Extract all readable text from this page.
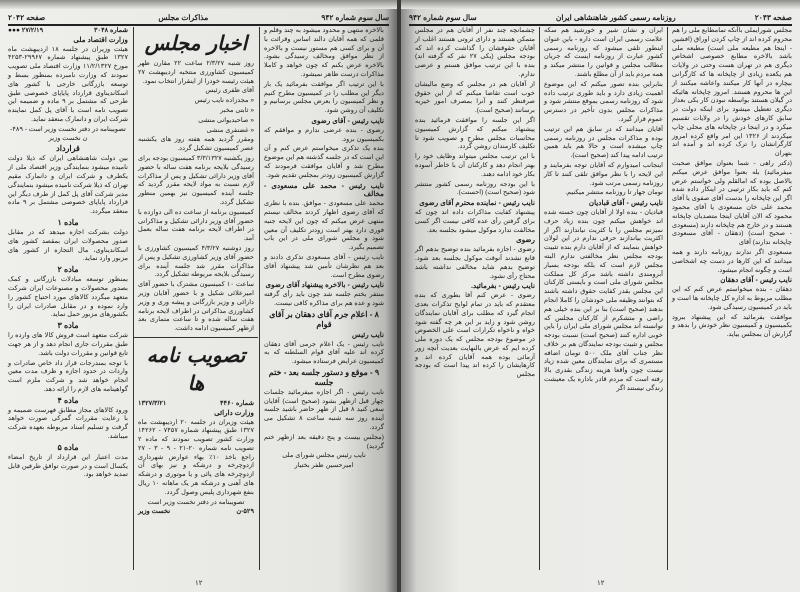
سال سوم شماره ۹۴۲
مذاکرات مجلس
صفحه ۲۰۴۲
شماره ۳۰۴۸
۲۷/۲/۱۹ ●●●
وزارت اقتصاد ملی
هیئت وزیران در جلسه ۱۸ اردیبهشت ماه ۱۳۲۷ طبق پیشنهاد شماره ۲۹۹۶۷-۴۲۵۳ مورخ ۱۱/۲/۱۳۲۷ وزارت اقتصاد ملی تصویب نمودند که وزارت نامبرده بمنظور بسط و توسعه بازرگانی خارجی با کشور های اسکاندیناوی قرارداد پایاپای خصوصی طبق طرحی که مشتمل بر ۹ ماده و ضمیمه این تصویب نامه است با آقای پل کمل نماینده شرکت ایران و دانمارک منعقد نماید.
تصویبنامه در دفتر نخست وزیر است - ۴۸۹-ن نخست وزیر
قرارداد
بین دولت شاهنشاهی ایران که ذیلا دولت نامیده میشود بنمایندگی وزیر اقتصاد ملی از یکطرف و شرکت ایران و دانمارک مقیم تهران که ذیلا شرکت نامیده میشود بنمایندگی مدیر شرکت آقای پل کمل از طرف دیگر این قرارداد پایاپای خصوصی مشتمل بر ۹ ماده منعقد میگردد.
ماده ۱
دولت بشرکت اجازه میدهد که در مقابل صدور محصولات ایران بمقصد کشور های اسکاندیناوی، مال التجاره از کشور های مزبور وارد نماید.
ماده ۲
بمنظور توسعه مبادلات بازرگانی و کمک بصدور محصولات و مصنوعات ایران شرکت متعهد میگردد کالاهای مورد احتیاج کشور را وارد نموده و در مقابل صادرات ایران را بکشورهای مزبور حمل نماید.
ماده ۳
شرکت متعهد است فروش کالا های وارده را طبق مقررات جاری انجام دهد و از هر جهت تابع قوانین و مقررات دولت باشد.
با توجه بمندرجات قرار داد خاص صادرات و واردات در حدود اجازه و ظرف مدت معین انجام خواهد شد و شرکت ملزم است گواهینامه های لازم را ارائه دهد.
ماده ۴
ورود کالاهای مجاز مطابق فهرست ضمیمه و با رعایت مقررات گمرکی صورت خواهد گرفت و تسلیم اسناد مربوطه بعهده شرکت میباشد.
ماده ۵
مدت اعتبار این قرارداد از تاریخ امضاء یکسال است و در صورت توافق طرفین قابل تمدید خواهد بود.
اخبار مجلس
روز شنبه ۲/۳/۲۷ ساعت ۲۲ مقارن ظهر کمیسیون کشاورزی منتخبه اردیبهشت ۲۷ هیئت رئیسه خودرا از اینقرار انتخاب نمود.
آقای ظفری رئیس
« مجدزاده نایب رئیس
« ثابتی مخبر
« صاحبدیوانی منشی
« غضنفری منشی
ومقرر گردید همه هفته روز های یکشنبه عصر کمیسیون تشکیل گردد.
روز یکشنبه ۳/۳/۱۳۲۷ کمیسیون بودجه برای رسیدگی بلایحه برنامه هفت ساله با حضور آقای وزیر دارائی تشکیل و پس از مذاکرات لازم نسبت به مواد لایحه مقرر گردید که جلسه آینده کمیسیون نیز بهمین منظور تشکیل گردد.
کمیسیون برنامه از ساعت ده الی دوازده با حضور آقای وزیر دارائی تشکیل و مذاکراتی در اطراف لایحه برنامه هفت ساله بعمل آمد.
روز دوشنبه ۴/۳/۲۷ کمیسیون کشاورزی با حضور آقای وزیر کشاورزی تشکیل و پس از مذاکرات مقرر شد جلسه آینده برای رسیدگی بلایحه مربوطه تشکیل گردد.
ساعت ۱۰ کمیسیون مشترک با حضور آقای امیرعلائی شکیل و با حضور آقایان وزیر دارائی و وزیر بازرگانی و پیشه وری و وزیر کشاورزی مذاکراتی در اطراف لایحه برنامه هفت ساله شده و تا ساعت متماری بعد ازظهر کمیسیون ادامه داشت.
تصویب نامه ها
شماره ۴۴۶۰
۱۳۲۷/۳/۲۱
وزارت دارائی
هیئت وزیران در جلسه ۲۰ اردیبهشت ماه ۱۳۲۷ طبق پیشنهاد شماره ۷۴۵۷ - ۱۴۲۶۲ وزارت کشور تصویب نمودند که ماده ۲ تصویب نامه شماره ۲۰-۲۱ - ۹ - ۳ - ۲۷ راجع باخذ ۱۰٪ بهاء عوارض شهرداری ازدوچرخه و درشکه و نیز بهای آن ازدوچرخه های پائی و یا موتوری و درشکه های آهنی و درشکه هر یک ماهانه ۱۰ ریال بنفع شهرداری پلیس وصول گردد.
تصویبنامه در دفتر نخست وزیر است
۵۲۹-ن
نخست وزیر
بالاخره منتهی و محدود میشود به چند وقلم و قلمی که همه آقایان دالند اساس وقرائت با آن و برای کسی هم مستور نیست و بالاخره از نظر موافق ومخالف رسیدگی بشود. بالاخره عرض بکنم که چون خواهد و کاملا مذاکرات درست ظاهر نمیشود.
با این ترتیب اگر موافقت بفرمائید یک بار دیگر این مطلب را در کمیسیون مطرح کنیم و نظر کمیسیون را بعرض مجلس برسانیم و تکلیف آن روشن شود.
نایب رئیس - آقای رضوی
رضوی - بنده عرضی ندارم و موافقم که بکمیسیون برود.
بنده یک تذکری میخواستم عرض کنم و آن این است که در جلسه گذشته هم این موضوع مطرح شد و آقایان موافقت فرمودند که گزارش کمیسیون زودتر بمجلس تقدیم شود.
نایب رئیس - محمد علی مسعودی - مخالف
محمد علی مسعودی - موافق. بنده با نظری که آقای رضوی اظهار کردند مخالف نیستم منتهی عرض میکنم که چون این لایحه جنبه فوری دارد بهتر است زودتر تکلیف آن معین شود و مجلس شورای ملی در این باب تصمیم بگیرد.
نایب رئیس - آقای مسعودی تذکری دادند و بعد هم نظرشان تأمین شد پیشنهاد آقای رضوی مطرح است.
نایب رئیس - بالاخره پیشنهاد آقای رضوی
منتفر بختم جلسه شد چون باید رأی گرفته شود و عده هم برای مذاکره کافی نیست.
۸ - اعلام جرم آقای دهقان بر آقای قوام
نایب رئیس
نایب رئیس - یک اعلام جرمی آقای دهقان کرده اند علیه آقای قوام السلطنه که به کمیسیون عرایض فرستاده میشود.
۹ - موقع و دستور جلسه بعد - ختم جلسه
نایب رئیس - اگر اجازه میفرمائید جلسات چهار قبل ازظهر بشود (صحیح است) آقایان سعی کنید ۸ قبل از ظهر حاضر باشید جلسه آینده روز سه شنبه ساعت ۸ تشکیل می گردد.
(مجلس بیست و پنج دقیقه بعد ازظهر ختم گردید)
نایب رئیس مجلس شورای ملی
امیرحسین ظفر بختیار
۱۲
صفحه ۲۰۴۳
روزنامه رسمی کشور شاهنشاهی ایران
سال سوم شماره ۹۴۲
چشمانچه چند نفر از آقایان هم در مجلس متمکن هستند و دارای ثروتی هستند اغلب از آقایان حقوقشان را گذاشت کرده اند که بودجه مجلس (یکی ۲۷ نفر که گرفته اند) بنده با این ترتیب موافق هستم و عرضی ندارم.
از آقایان هم در مجلس که وضع مالیشان خوب است تقاضا میکنم که از این حقوق صرفنظر کنند و آنرا بمصرف امور خیریه برسانند (صحیح است).
اگر این جلسه را موافقت فرمائید بنده پیشنهاد میکنم که گزارش کمیسیون محاسبات مجلس مطرح و تصویب شود تا تکلیف کارمندان روشن گردد.
با این ترتیب مجلس میتواند وظایف خود را بهتر انجام دهد و کارکنان آن با خاطر آسوده بکار خود ادامه دهند.
با این بودجه روزنامه رسمی کشور منتشر شود (صحیح است) (احسنت).
نایب رئیس - نماینده محترم آقای رضوی
پیشنهاد کفایت مذاکرات داده اند چون که برای گرفتن رأی عده کافی نیست اگر کسی مخالفت ندارد موکول میشود بجلسه بعد.
رضوی
رضوی - اجازه بفرمائید بنده توضیح بدهم اگر قانع نشدند آنوقت موکول بجلسه بعد شود. توضیح بدهم شاید مخالفی نداشته باشد محتاج رأی نشود.
نایب رئیس - بفرمائید.
رضوی - عرض کنم آقا بطوری که بنده معتقدم که باید در تمام لوایح تذکرات بعدی انجام گیرد که مطلب برای آقایان نمایندگان روشن شود و زاید بر این هر چه گفته شود خواه و ناخواه تکرارات است علی الخصوص در موضوع بودجه مجلس که یک دوره ملی کرده ایم که عرض بالنهایت بعدیت آنچه زور آزمائی بوده همه آقایان کرده اند و کارهایشان را کرده اند پیدا است که بودجه مجلس
ایران و نشان شیر و خورشید هم سکه علامت رسمی ایران است داره - باین عنوان اینطور تلقی میشود که روزنامه رسمی کشور عبارت از روزنامه ایست که جریان مطالب مجلس و قوانین را منتشر میکند و همه مردم باید از آن مطلع باشند.
بنابراین بنده تصور میکنم که این موضوع اهمیت زیادی دارد و باید طوری ترتیب داده شود که روزنامه رسمی بموقع منتشر شود و مذاکرات مجلس بدون تأخیر در دسترس عموم قرار گیرد.
آقایان میدانند که در سابق هم این ترتیب بوده و مذاکرات مجلس در روزنامه رسمی چاپ میشده است و حالا هم باید همین ترتیب ادامه پیدا کند (صحیح است).
اینجانب امیدوارم که آقایان توجه بفرمایند و این لایحه را با نظر موافق تلقی کنند تا کار روزنامه رسمی مرتب شود.
تومان جهار تا روزنامه منتشر میکنیم.
نایب رئیس - آقای قبادیان
قبادیان - بنده اولا از آقایان چون خسته شده اند خواهش میکنم چون بنده زیاد حرف نمیزنم مجلس را با کثریت نیاندازند اگر از اکثریت بیاندازند حرفی ندارم در این لولان خواهش بنمایند که از آقایان دارم بنده تثبیت بودجه مجلس نظر مخالفتی ندارم البته مجلس لازم است که بلکه بودجه بسیار آبرومندی داشته باشد مرکز کل مملکت مجلس شورای ملی است و بایستی کارکنان این مجلس بقدر کفایت حقوق داشته باشند که بتوانند وظیفه ملی خودشان را کاملا انجام بدهند (صحیح است) بنا بر این بنده خیلی هم راضی و متشکرم از کارکنان مجلس که توانسته اند مجلس شورای ملی ایران را باین خوبی اداره کنند (صحیح است) نسبت بودجه مجلس و تثبیت بودجه نمایندگان هم بر خلاف نظر جناب آقای ملک ۵۰۰ تومان اضافه مستمری که برای نمایندگان معین شده زیاد نیست چون واقعا هزینه زندگی بقدری بالا رفته است که مردم قادر باداره یک معیشت زندگی نیستند اگر
مجلس شورایملی باآنکه تمامطابع ملی را هم محروم کرده اند از چاپ کردن اوراق (افشین - اینجا هم مطبعه ملی است) مطبعه ملی باشد بالاخره مطابع خصوصی اشخاص دیگری هم در تهران هست وحتی در ولایات هم یکعده زیادی از چاپخانه ها که کارگرانی بیچاره در آنها کار میکنند واعاشه میکنند از این ها محروم هستند. امروز چاپخانه هائیکه در گیلان هستند بواسطه نبودن کار یکی بعداز دیگری تعطیل میشود برای اینکه دولت در سابق کارهای خودش را در ولایات تقسیم میکرد و در اینجا در چاپخانه های محلی چاپ میکردند از ۱۳۲۶ این امر واقع کرده امروز کارگرانشان را ترک کرده اند و آمده اند بتهران
(دکتر راهی - شما بعنوان موافق صحبت میفرمائید) بله بعنوا موافق عرض میکنم بالاصل بوده که امالقلم ولی خواستم عرض کنم که باید بکار ترتیبی در اینکار داده شده اگر این چاپخانه را بدست آقای صفوی یا آقای محمد علی خان مسعودی یا آقای محمود محمود که الان آقایان اینجا متصدیان چاپخانه هستند و در خارج هم چاپخانه دارند (مسعودی - صحیح است) (دهقان - آقای مسعودی چاپخانه ندارند) آقای
مسعودی اگر ندارند روزنامه دارند و همه میدانند که این کارها در دست چه اشخاصی است و چگونه انجام میشود.
نایب رئیس - آقای دهقان
دهقان - بنده میخواستم عرض کنم که این مطلب مربوط به اداره کل چاپخانه ها است و باید در کمیسیون رسیدگی شود.
موافقت بفرمائید که این پیشنهاد ببرود بکمیسیون و کمیسیون نظر خودش را بدهد و گزارش آن بمجلس بیاید.
۱۲
